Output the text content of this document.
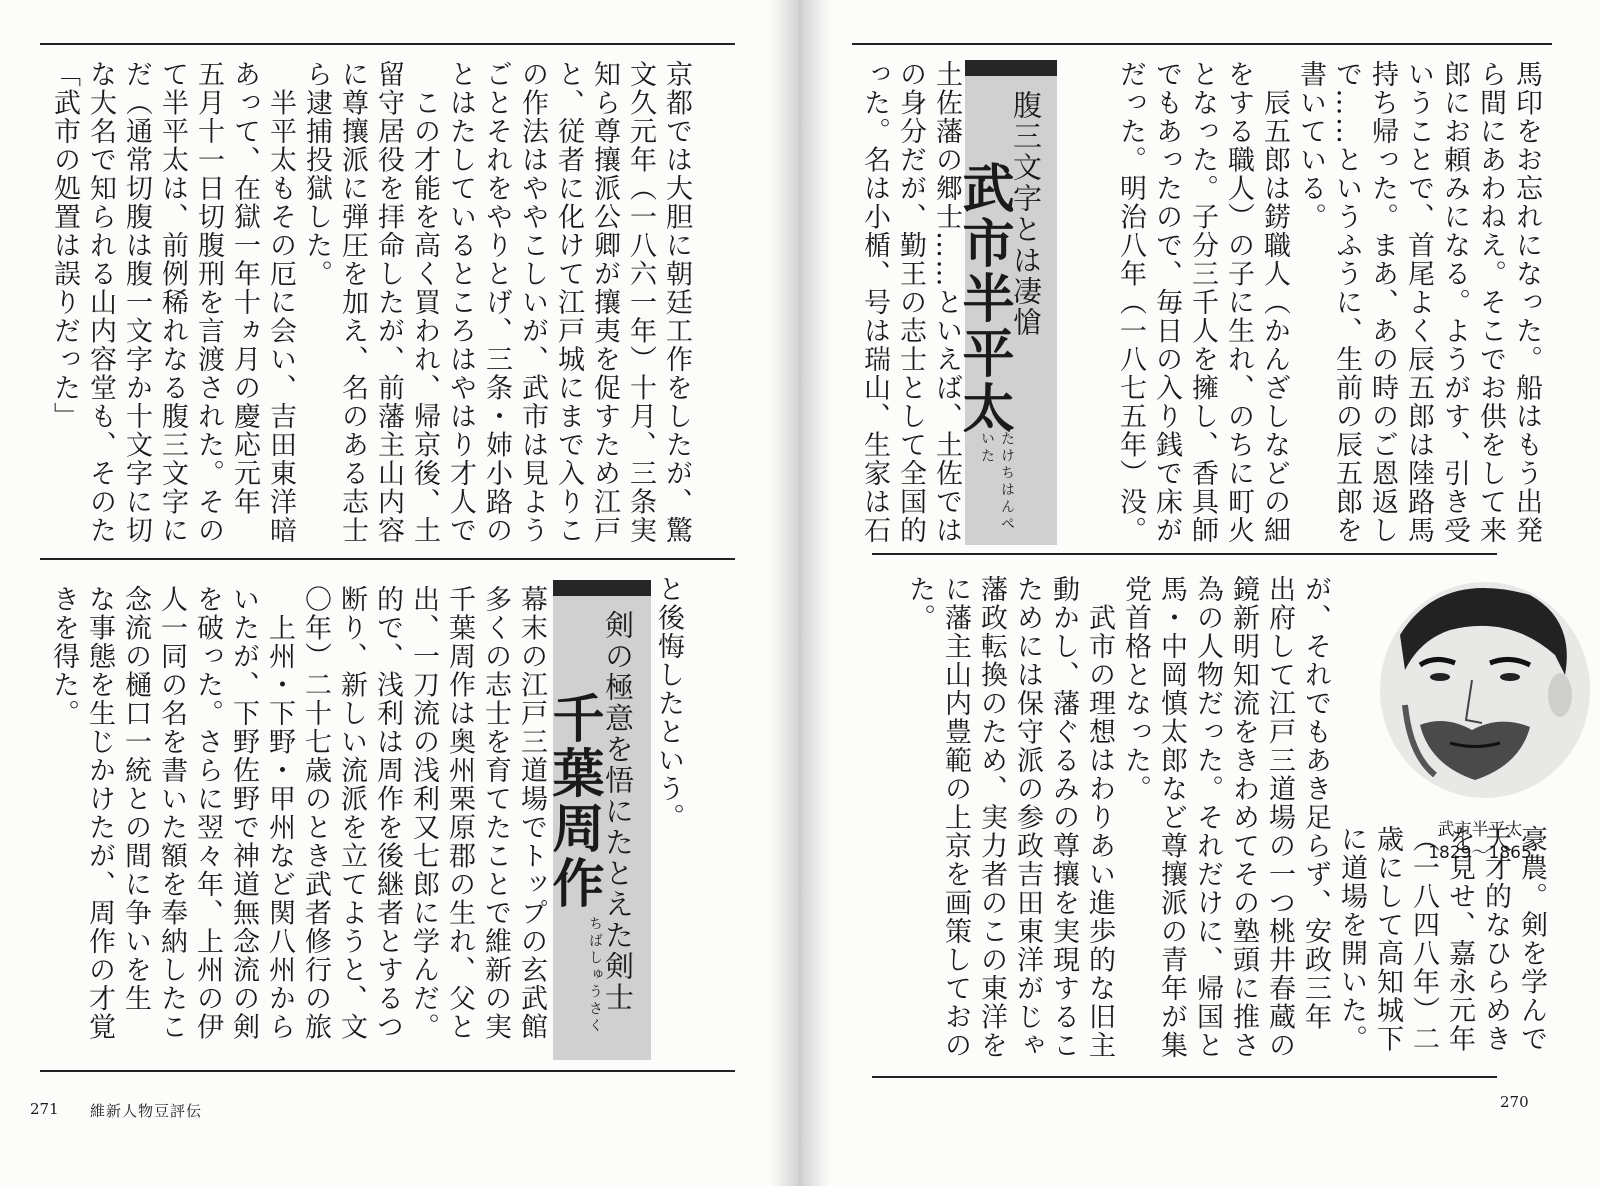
京都では大胆に朝廷工作をしたが、驚
文久元年（一八六一年）十月、三条実
知ら尊攘派公卿が攘夷を促すため江戸
と、従者に化けて江戸城にまで入りこ
の作法はややこしいが、武市は見よう
ごとそれをやりとげ、三条・姉小路の
とはたしているところはやはり才人で
　この才能を高く買われ、帰京後、土
留守居役を拝命したが、前藩主山内容
に尊攘派に弾圧を加え、名のある志士
ら逮捕投獄した。
　半平太もその厄に会い、吉田東洋暗
あって、在獄一年十ヵ月の慶応元年
五月十一日切腹刑を言渡された。その
て半平太は、前例稀れなる腹三文字に
だ（通常切腹は腹一文字か十文字に切
な大名で知られる山内容堂も、そのた
「武市の処置は誤りだった」
と後悔したという。
剣の極意を悟にたとえた剣士
千葉周作
ちばしゅうさく
幕末の江戸三道場でトップの玄武館
多くの志士を育てたことで維新の実
千葉周作は奥州栗原郡の生れ、父と
出、一刀流の浅利又七郎に学んだ。
的で、浅利は周作を後継者とするつ
断り、新しい流派を立てようと、文
〇年）二十七歳のとき武者修行の旅
　上州・下野・甲州など関八州から
いたが、下野佐野で神道無念流の剣
を破った。さらに翌々年、上州の伊
人一同の名を書いた額を奉納したこ
念流の樋口一統との間に争いを生
な事態を生じかけたが、周作の才覚
きを得た。
271 維新人物豆評伝
馬印をお忘れになった。船はもう出発
ら間にあわねえ。そこでお供をして来
郎にお頼みになる。ようがす、引き受
いうことで、首尾よく辰五郎は陸路馬
持ち帰った。まあ、あの時のご恩返し
で……というふうに、生前の辰五郎を
書いている。
　辰五郎は錺職人（かんざしなどの細
をする職人）の子に生れ、のちに町火
となった。子分三千人を擁し、香具師
でもあったので、毎日の入り銭で床が
だった。明治八年（一八七五年）没。
腹三文字とは凄愴
武市半平太
たけちはんぺいた
土佐藩の郷士……といえば、土佐では
の身分だが、勤王の志士として全国的
った。名は小楯、号は瑞山、生家は石
豪農。剣を学んで
天才的なひらめき
を見せ、嘉永元年
（一八四八年）二
歳にして高知城下
に道場を開いた。
が、それでもあき足らず、安政三年
出府して江戸三道場の一つ桃井春蔵の
鏡新明知流をきわめてその塾頭に推さ
為の人物だった。それだけに、帰国と
馬・中岡慎太郎など尊攘派の青年が集
党首格となった。
　武市の理想はわりあい進歩的な旧主
動かし、藩ぐるみの尊攘を実現するこ
ためには保守派の参政吉田東洋がじゃ
藩政転換のため、実力者のこの東洋を
に藩主山内豊範の上京を画策しておの
た。
武市半平太
1829～1865
270
